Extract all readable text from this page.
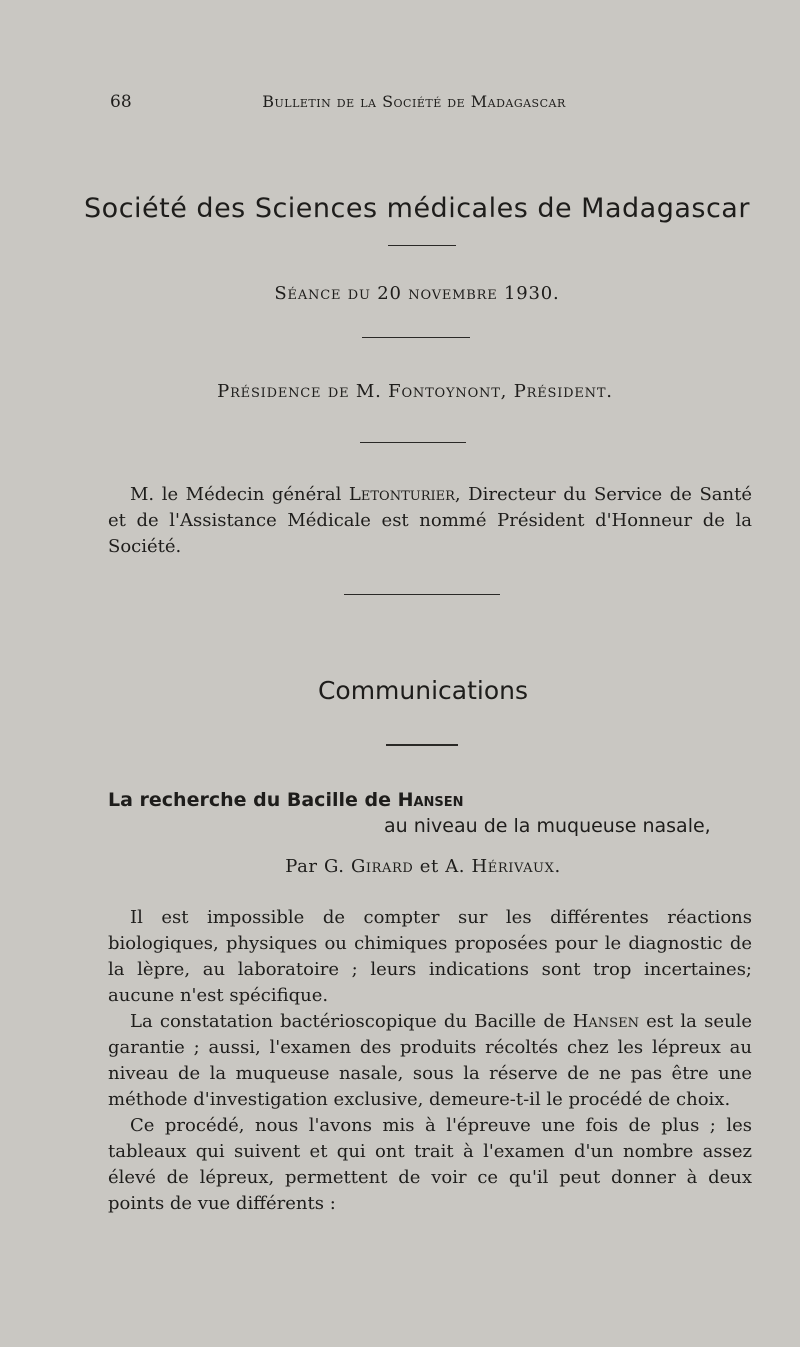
68	Bulletin de la Société de Madagascar
Société des Sciences médicales de Madagascar
Séance du 20 novembre 1930.
Présidence de M. Fontoynont, Président.

M. le Médecin général Letonturier, Directeur du Service de Santé et de l'Assistance Médicale est nommé Président d'Honneur de la Société.

Communications
La recherche du Bacille de Hansen
au niveau de la muqueuse nasale,
Par G. Girard et A. Hérivaux.

Il est impossible de compter sur les différentes réactions biologiques, physiques ou chimiques proposées pour le diagnostic de la lèpre, au laboratoire ; leurs indications sont trop incertaines; aucune n'est spécifique.

La constatation bactérioscopique du Bacille de Hansen est la seule garantie ; aussi, l'examen des produits récoltés chez les lépreux au niveau de la muqueuse nasale, sous la réserve de ne pas être une méthode d'investigation exclusive, demeure-t-il le procédé de choix.

Ce procédé, nous l'avons mis à l'épreuve une fois de plus ; les tableaux qui suivent et qui ont trait à l'examen d'un nombre assez élevé de lépreux, permettent de voir ce qu'il peut donner à deux points de vue différents :
